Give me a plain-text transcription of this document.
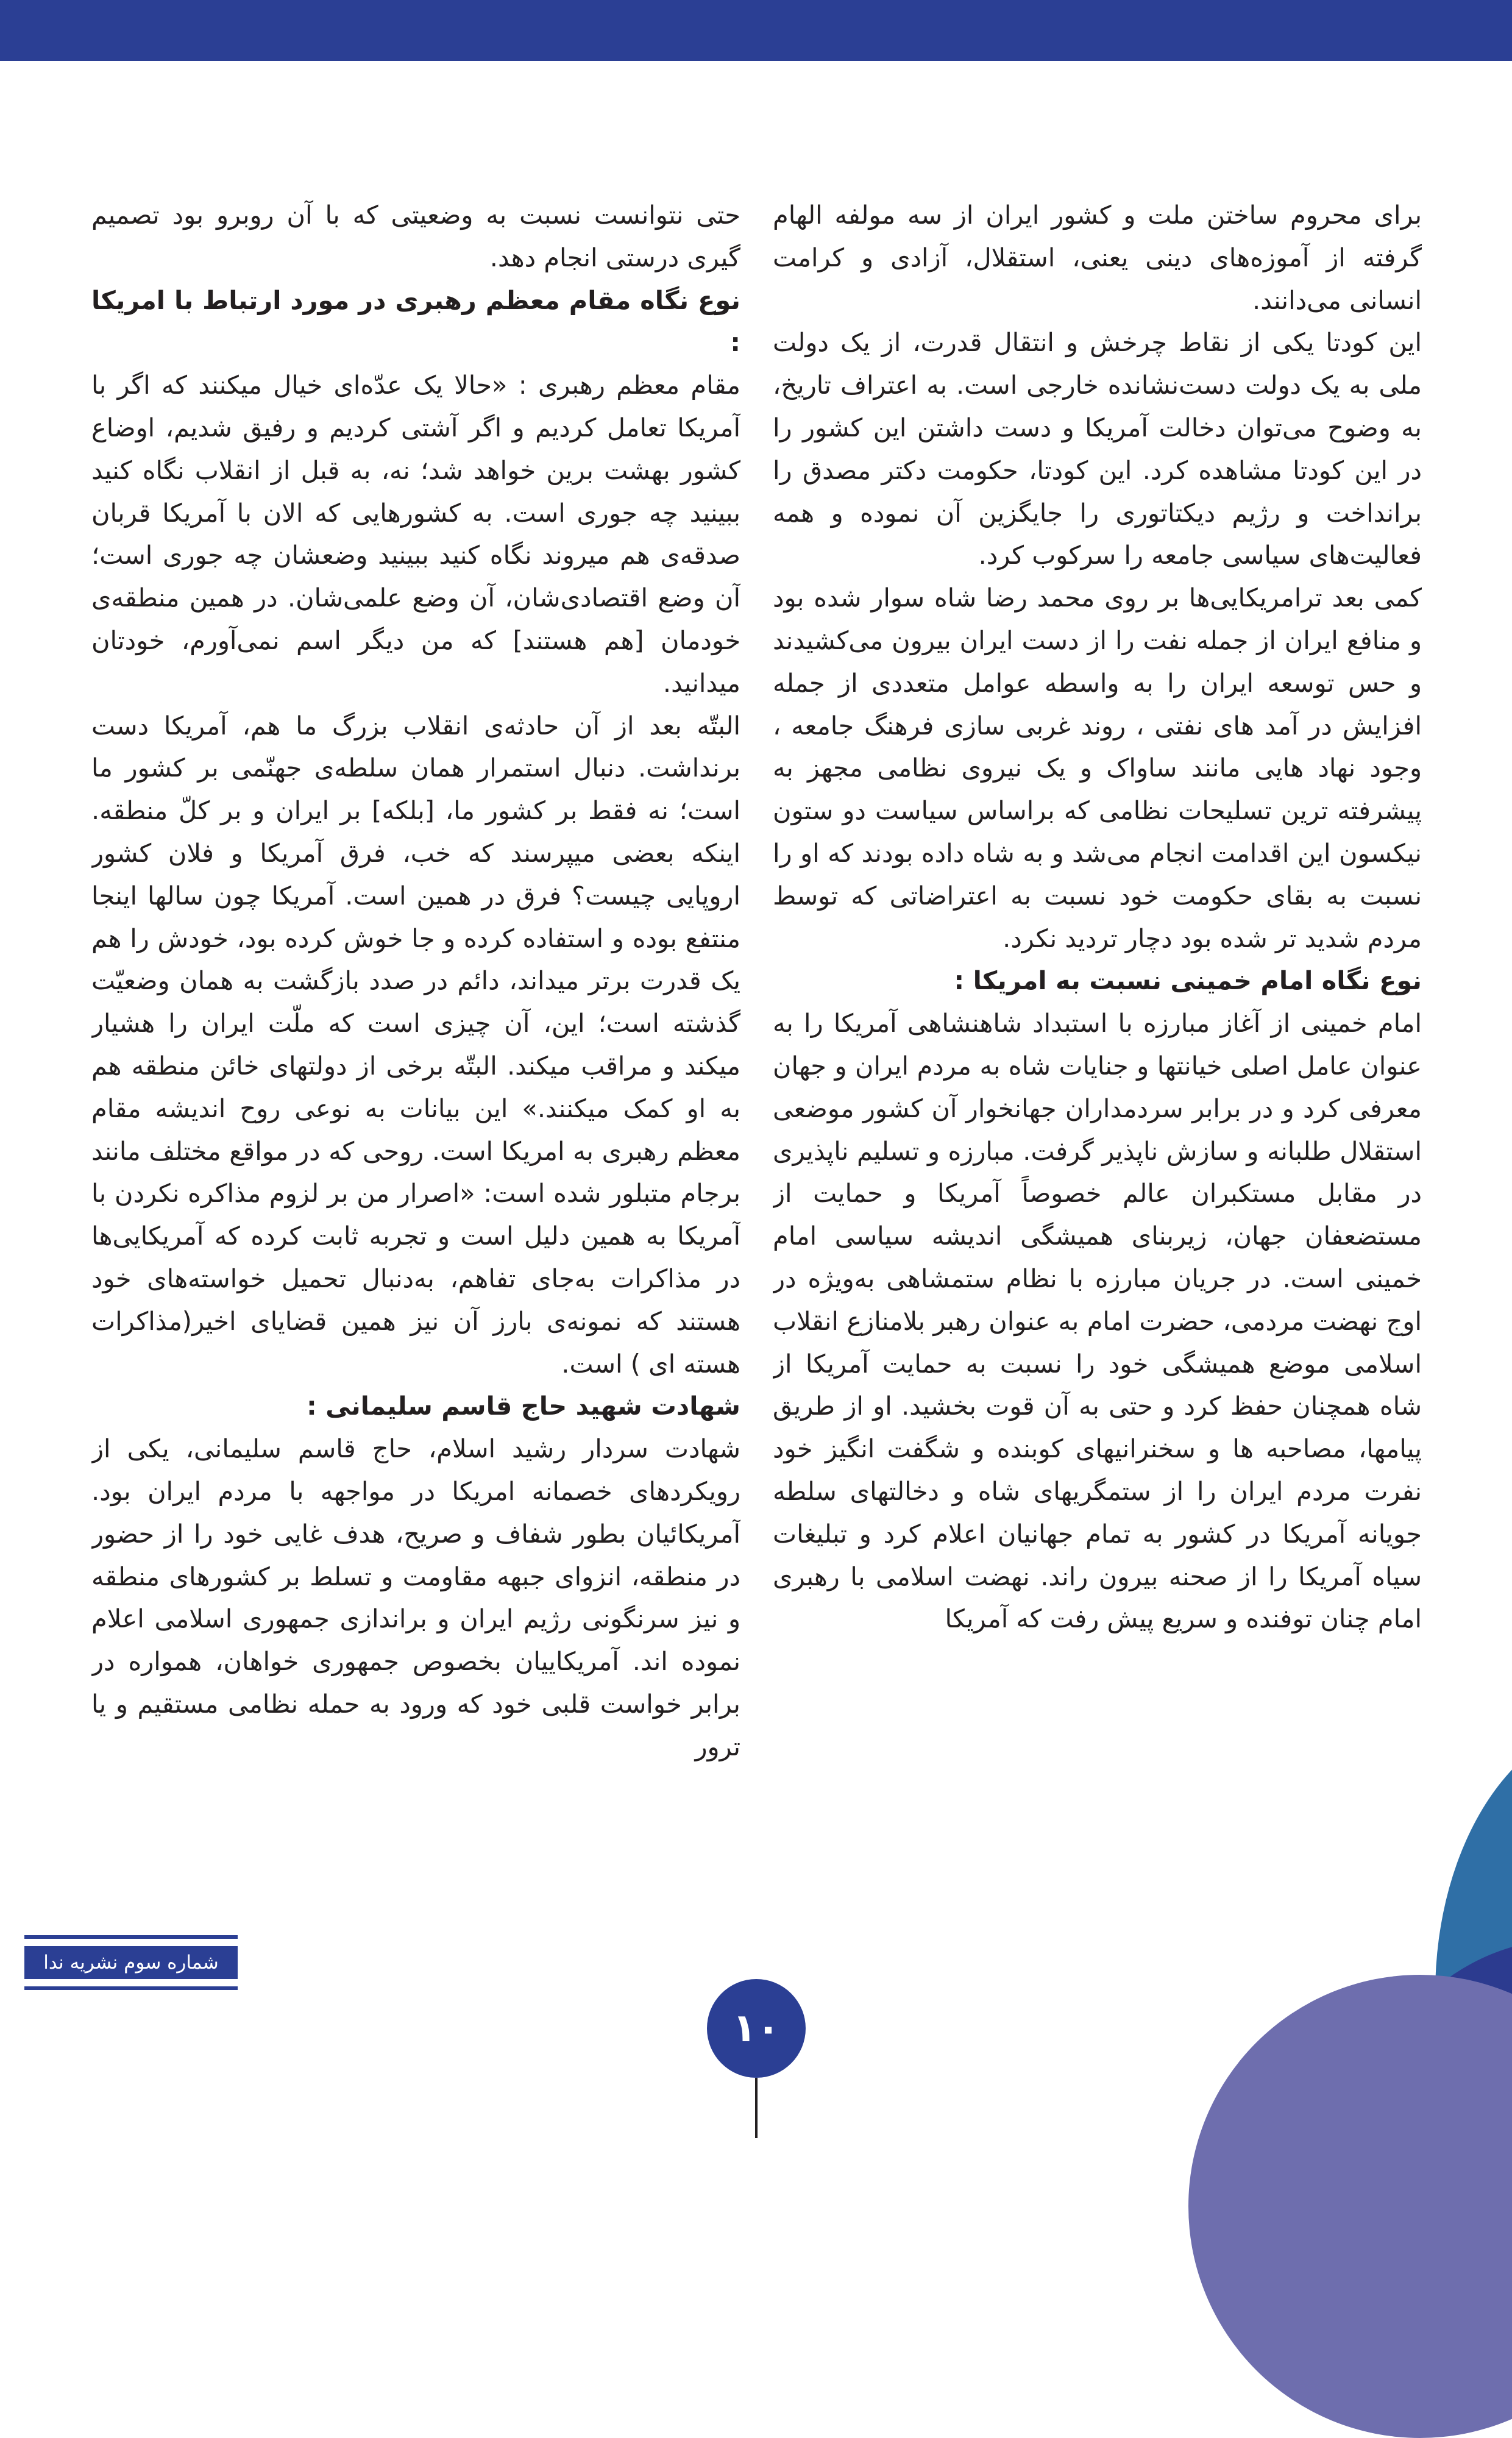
برای محروم ساختن ملت و کشور ایران از سه مولفه الهام گرفته از آموزه‌های دینی یعنی، استقلال، آزادی و کرامت انسانی می‌دانند.

این کودتا یکی از نقاط چرخش و انتقال قدرت، از یک دولت ملی به یک دولت دست‌نشانده خارجی است. به اعتراف تاریخ، به وضوح می‌توان دخالت آمریکا و دست داشتن این کشور را در این کودتا مشاهده کرد. این کودتا، حکومت دکتر مصدق را براندا‌خت و رژیم دیکتاتوری را جایگزین آن نموده و همه فعالیت‌های سیاسی جامعه را سرکوب کرد.

کمی بعد ترامریکایی‌ها بر روی محمد رضا شاه سوار شده بود و منافع ایران از جمله نفت را از دست ایران بیرون می‌کشیدند و حس توسعه ایران را به واسطه عوامل متعددی از جمله افزایش در آمد های نفتی ، روند غربی سازی فرهنگ جامعه ، وجود نهاد هایی مانند ساواک و یک نیروی نظامی مجهز به پیشرفته ترین تسلیحات نظامی که براساس سیاست دو ستون نیکسون این اقدامت انجام می‌شد و به شاه داده بودند که او را نسبت به بقای حکومت خود نسبت به اعتراضاتی که توسط مردم شدید تر شده بود دچار تردید نکرد.

نوع نگاه امام خمینی نسبت به امریکا :

امام خمینی از آغاز مبارزه با استبداد شاهنشاهی آمریکا را به عنوان عامل اصلی خیانتها و جنایات شاه به مردم ایران و جهان معرفی کرد و در برابر سردمداران جهانخوار آن کشور موضعی استقلال طلبانه و سازش ناپذیر گرفت. مبارزه و تسلیم ناپذیری در مقابل مستکبران عالم خصوصاً آمریکا و حمایت از مستضعفان جهان، زیربنای همیشگی اندیشه سیاسی امام خمینی است. در جریان مبارزه با نظام ستمشاهی به‌ویژه در اوج نهضت مردمی، حضرت امام به عنوان رهبر بلامنازع انقلاب اسلامی موضع همیشگی خود را نسبت به حمایت آمریکا از شاه همچنان حفظ کرد و حتی به آن قوت بخشید. او از طریق پیامها، مصاحبه ها و سخنرانیهای کوبنده و شگفت انگیز خود نفرت مردم ایران را از ستمگریهای شاه و دخالتهای سلطه جویانه آمریکا در کشور به تمام جهانیان اعلام کرد و تبلیغات سیاه آمریکا را از صحنه بیرون راند. نهضت اسلامی با رهبری امام چنان توفنده و سریع پیش رفت که آمریکا

حتی نتوانست نسبت به وضعیتی که با آن روبرو بود تصمیم گیری درستی انجام دهد.

نوع نگاه مقام معظم رهبری در مورد ارتباط با امریکا :

مقام معظم رهبری : «حالا یک عدّه‌ای خیال میکنند که اگر با آمریکا تعامل کردیم و اگر آشتی کردیم و رفیق شدیم، اوضاع کشور بهشت برین خواهد شد؛ نه، به قبل از انقلاب نگاه کنید ببینید چه جوری است. به کشورهایی که الان با آمریکا قربان صدقه‌ی هم میروند نگاه کنید ببینید وضعشان چه جوری است؛ آن وضع اقتصادی‌شان، آن وضع علمی‌شان. در همین منطقه‌ی خودمان [هم هستند] که من دیگر اسم نمی‌آورم، خودتان میدانید.

البتّه بعد از آن حادثه‌ی انقلاب بزرگ ما هم، آمریکا دست برنداشت. دنبال استمرار همان سلطه‌ی جهنّمی بر کشور ما است؛ نه فقط بر کشور ما، [بلکه] بر ایران و بر کلّ منطقه. اینکه بعضی میپرسند که خب، فرق آمریکا و فلان کشور اروپایی چیست؟ فرق در همین است. آمریکا چون سالها اینجا منتفع بوده و استفاده کرده و جا خوش کرده بود، خودش را هم یک قدرت برتر میداند، دائم در صدد بازگشت به همان وضعیّت گذشته است؛ این، آن چیزی است که ملّت ایران را هشیار میکند و مراقب میکند. البتّه برخی از دولتهای خائن منطقه هم به او کمک میکنند.» این بیانات به نوعی روح اندیشه مقام معظم رهبری به امریکا است. روحی که در مواقع مختلف مانند برجام متبلور شده است: «اصرار من بر لزوم مذاکره نکردن با آمریکا به همین دلیل است و تجربه ثابت کرده که آمریکایی‌ها در مذاکرات به‌جای تفاهم، به‌دنبال تحمیل خواسته‌های خود هستند که نمونه‌ی بارز آن نیز همین قضایای اخیر(مذاکرات هسته ای ) است.

شهادت شهید حاج قاسم سلیمانی :

شهادت سردار رشید اسلام، حاج قاسم سلیمانی، یکی از رویکردهای خصمانه امریکا در مواجهه با مردم ایران بود. آمریکائیان بطور شفاف و صریح، هدف غایی خود را از حضور در منطقه، انزوای جبهه مقاومت و تسلط بر کشورهای منطقه و نیز سرنگونی رژیم ایران و براندازی جمهوری اسلامی اعلام نموده اند. آمریکاییان بخصوص جمهوری خواهان، همواره در برابر خواست قلبی خود که ورود به حمله نظامی مستقیم و یا ترور

شماره سوم نشریه ندا
۱۰
